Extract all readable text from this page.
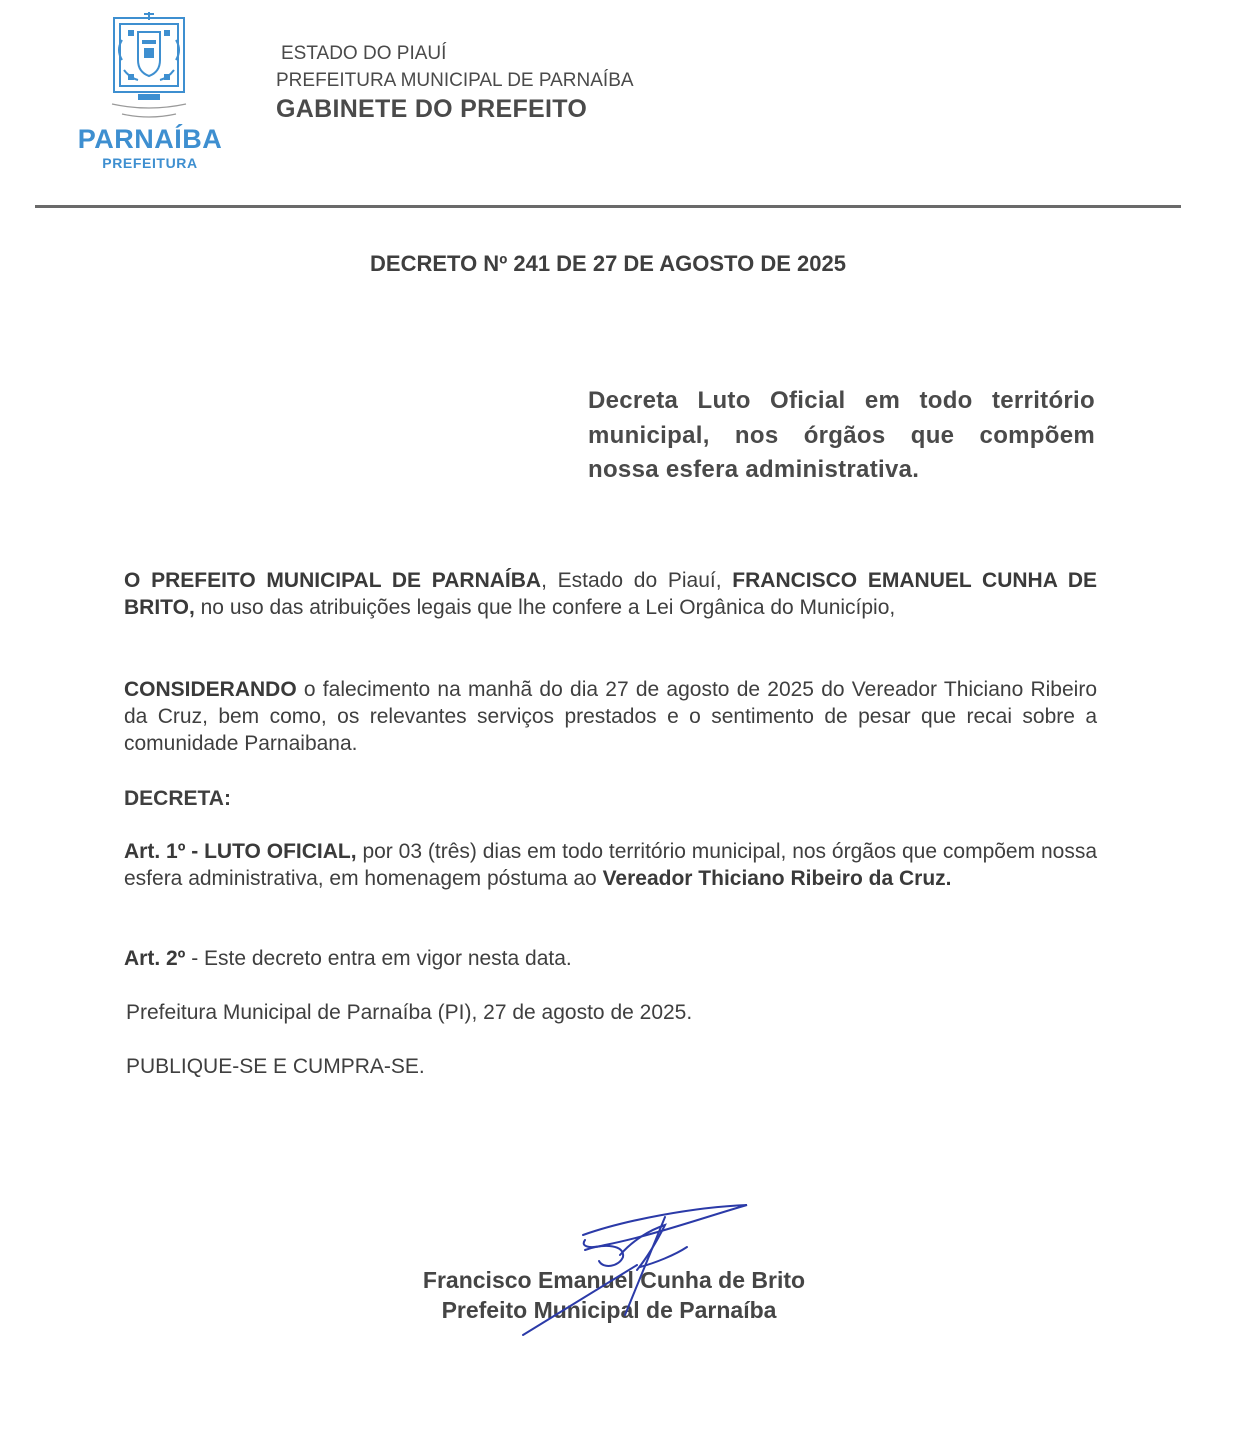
PARNAÍBA
PREFEITURA
ESTADO DO PIAUÍ
PREFEITURA MUNICIPAL DE PARNAÍBA
GABINETE DO PREFEITO
DECRETO Nº 241 DE 27 DE AGOSTO DE 2025
Decreta Luto Oficial em todo território municipal, nos órgãos que compõem nossa esfera administrativa.
O PREFEITO MUNICIPAL DE PARNAÍBA, Estado do Piauí, FRANCISCO EMANUEL CUNHA DE BRITO, no uso das atribuições legais que lhe confere a Lei Orgânica do Município,
CONSIDERANDO o falecimento na manhã do dia 27 de agosto de 2025 do Vereador Thiciano Ribeiro da Cruz, bem como, os relevantes serviços prestados e o sentimento de pesar que recai sobre a comunidade Parnaibana.
DECRETA:
Art. 1º - LUTO OFICIAL, por 03 (três) dias em todo território municipal, nos órgãos que compõem nossa esfera administrativa, em homenagem póstuma ao Vereador Thiciano Ribeiro da Cruz.
Art. 2º - Este decreto entra em vigor nesta data.
Prefeitura Municipal de Parnaíba (PI), 27 de agosto de 2025.
PUBLIQUE-SE E CUMPRA-SE.
Francisco Emanuel Cunha de Brito
Prefeito Municipal de Parnaíba
